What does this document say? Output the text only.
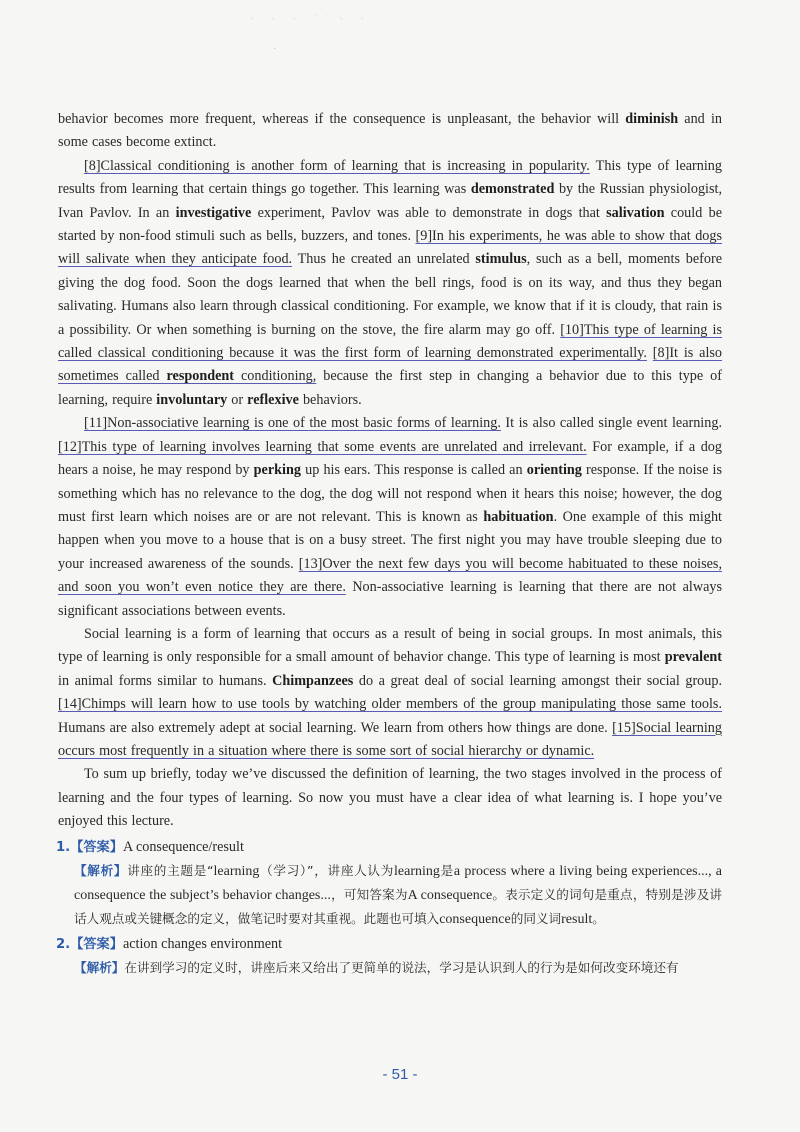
、 、 、 · · 、 、
·

behavior becomes more frequent, whereas if the consequence is unpleasant, the behavior will diminish and in some cases become extinct.

[8]Classical conditioning is another form of learning that is increasing in popularity. This type of learning results from learning that certain things go together. This learning was demonstrated by the Russian physiologist, Ivan Pavlov. In an investigative experiment, Pavlov was able to demonstrate in dogs that salivation could be started by non-food stimuli such as bells, buzzers, and tones. [9]In his experiments, he was able to show that dogs will salivate when they anticipate food. Thus he created an unrelated stimulus, such as a bell, moments before giving the dog food. Soon the dogs learned that when the bell rings, food is on its way, and thus they began salivating. Humans also learn through classical conditioning. For example, we know that if it is cloudy, that rain is a possibility. Or when something is burning on the stove, the fire alarm may go off. [10]This type of learning is called classical conditioning because it was the first form of learning demonstrated experimentally. [8]It is also sometimes called respondent conditioning, because the first step in changing a behavior due to this type of learning, require involuntary or reflexive behaviors.

[11]Non-associative learning is one of the most basic forms of learning. It is also called single event learning. [12]This type of learning involves learning that some events are unrelated and irrelevant. For example, if a dog hears a noise, he may respond by perking up his ears. This response is called an orienting response. If the noise is something which has no relevance to the dog, the dog will not respond when it hears this noise; however, the dog must first learn which noises are or are not relevant. This is known as habituation. One example of this might happen when you move to a house that is on a busy street. The first night you may have trouble sleeping due to your increased awareness of the sounds. [13]Over the next few days you will become habituated to these noises, and soon you won’t even notice they are there. Non-associative learning is learning that there are not always significant associations between events.

Social learning is a form of learning that occurs as a result of being in social groups. In most animals, this type of learning is only responsible for a small amount of behavior change. This type of learning is most prevalent in animal forms similar to humans. Chimpanzees do a great deal of social learning amongst their social group. [14]Chimps will learn how to use tools by watching older members of the group manipulating those same tools. Humans are also extremely adept at social learning. We learn from others how things are done. [15]Social learning occurs most frequently in a situation where there is some sort of social hierarchy or dynamic.

To sum up briefly, today we’ve discussed the definition of learning, the two stages involved in the process of learning and the four types of learning. So now you must have a clear idea of what learning is. I hope you’ve enjoyed this lecture.

1.【答案】A consequence/result

【解析】讲座的主题是“learning（学习）”，讲座人认为learning是a process where a living being experiences..., a consequence the subject’s behavior changes...，可知答案为A consequence。表示定义的词句是重点，特别是涉及讲话人观点或关键概念的定义，做笔记时要对其重视。此题也可填入consequence的同义词result。

2.【答案】action changes environment

【解析】在讲到学习的定义时，讲座后来又给出了更简单的说法，学习是认识到人的行为是如何改变环境还有

- 51 -
